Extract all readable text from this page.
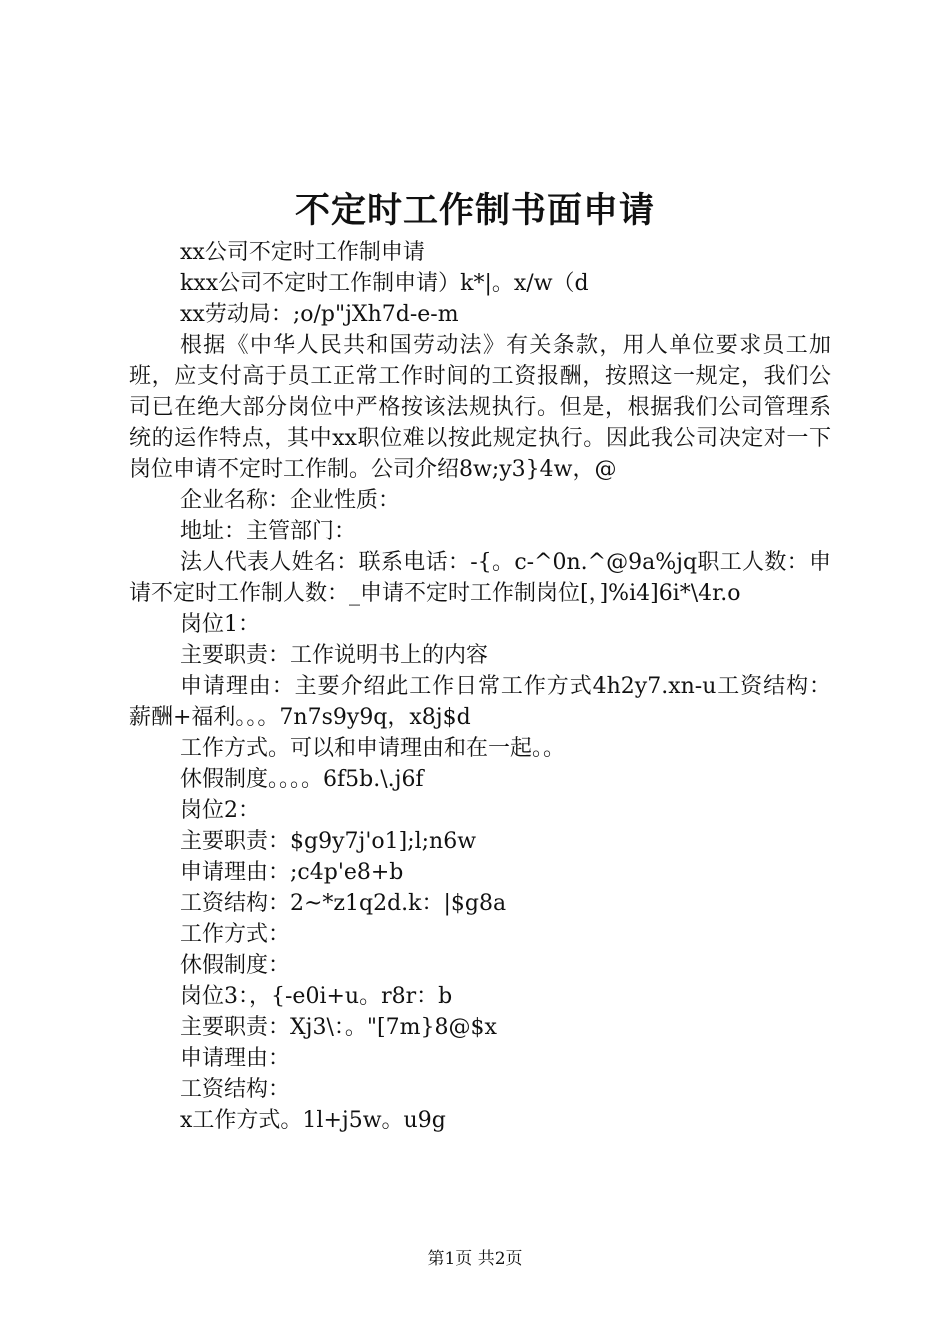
不定时工作制书面申请

xx公司不定时工作制申请

kxx公司不定时工作制申请）k*|。x/w（d

xx劳动局：;o/p"jXh7d-e-m

根据《中华人民共和国劳动法》有关条款，用人单位要求员工加班，应支付高于员工正常工作时间的工资报酬，按照这一规定，我们公司已在绝大部分岗位中严格按该法规执行。但是，根据我们公司管理系统的运作特点，其中xx职位难以按此规定执行。因此我公司决定对一下岗位申请不定时工作制。公司介绍8w;y3}4w，@

企业名称：企业性质：

地址：主管部门：

法人代表人姓名：联系电话：-{。c-^0n.^@9a%jq职工人数：申请不定时工作制人数：_申请不定时工作制岗位[，]%i4]6i*\4r.o

岗位1：

主要职责：工作说明书上的内容

申请理由：主要介绍此工作日常工作方式4h2y7.xn-u工资结构：薪酬+福利。。。7n7s9y9q，x8j$d

工作方式。可以和申请理由和在一起。。

休假制度。。。。6f5b.\.j6f

岗位2：

主要职责：$g9y7j'o1];l;n6w

申请理由：;c4p'e8+b

工资结构：2~*z1q2d.k：|$g8a

工作方式：

休假制度：

岗位3：，{-e0i+u。r8r：b

主要职责：Xj3\：。"[7m}8@$x

申请理由：

工资结构：

x工作方式。1l+j5w。u9g

第1页 共2页
